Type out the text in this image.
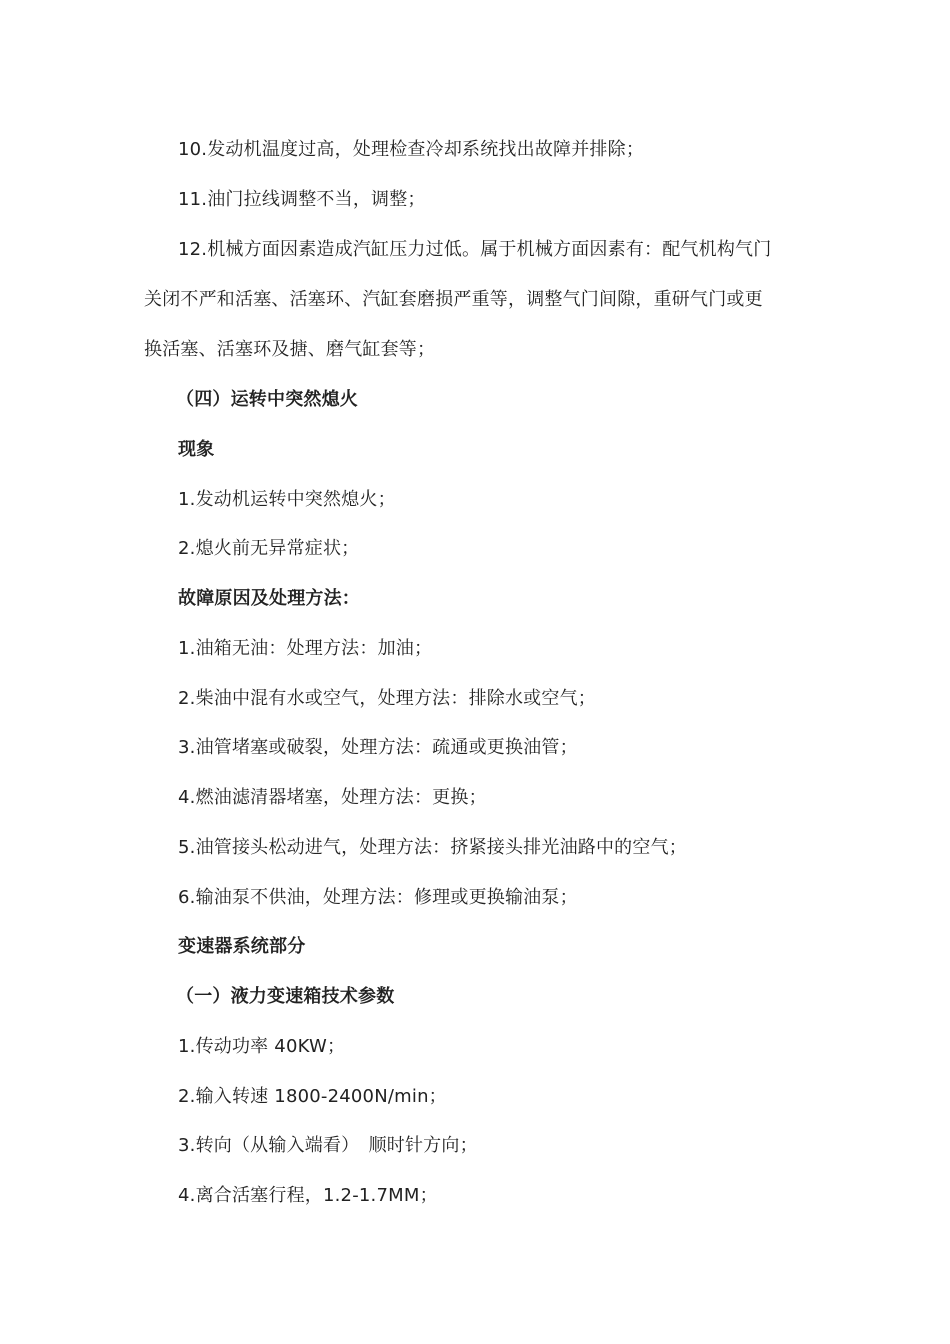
10.发动机温度过高，处理检查冷却系统找出故障并排除；
11.油门拉线调整不当，调整；
12.机械方面因素造成汽缸压力过低。属于机械方面因素有：配气机构气门
关闭不严和活塞、活塞环、汽缸套磨损严重等，调整气门间隙，重研气门或更
换活塞、活塞环及搪、磨气缸套等；
（四）运转中突然熄火
现象
1.发动机运转中突然熄火；
2.熄火前无异常症状；
故障原因及处理方法：
1.油箱无油：处理方法：加油；
2.柴油中混有水或空气，处理方法：排除水或空气；
3.油管堵塞或破裂，处理方法：疏通或更换油管；
4.燃油滤清器堵塞，处理方法：更换；
5.油管接头松动进气，处理方法：挤紧接头排光油路中的空气；
6.输油泵不供油，处理方法：修理或更换输油泵；
变速器系统部分
（一）液力变速箱技术参数
1.传动功率 40KW；
2.输入转速 1800-2400N/min；
3.转向（从输入端看）　顺时针方向；
4.离合活塞行程，1.2-1.7MM；
